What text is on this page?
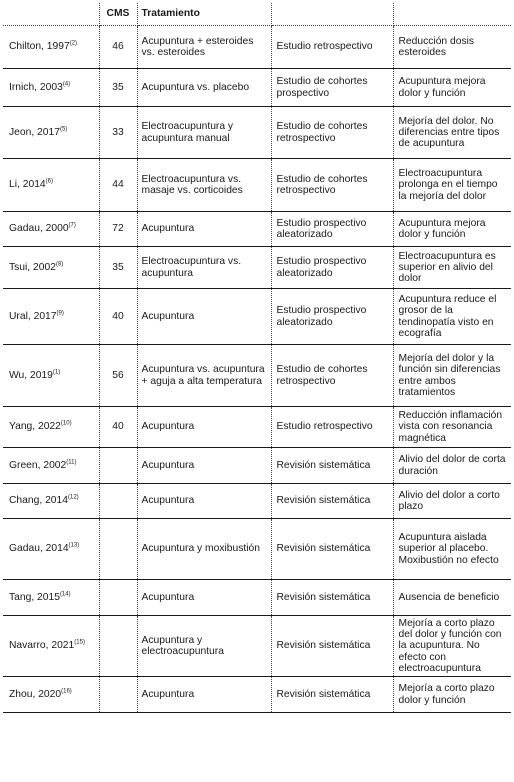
	CMS	Tratamiento		
Chilton, 1997$^{(2)}$	46	Acupuntura + esteroides vs. esteroides	Estudio retrospectivo	Reducción dosis esteroides
Irnich, 2003$^{(4)}$	35	Acupuntura vs. placebo	Estudio de cohortes prospectivo	Acupuntura mejora dolor y función
Jeon, 2017$^{(5)}$	33	Electroacupuntura y acupuntura manual	Estudio de cohortes retrospectivo	Mejoría del dolor. No diferencias entre tipos de acupuntura
Li, 2014$^{(6)}$	44	Electroacupuntura vs. masaje vs. corticoides	Estudio de cohortes retrospectivo	Electroacupuntura prolonga en el tiempo la mejoría del dolor
Gadau, 2000$^{(7)}$	72	Acupuntura	Estudio prospectivo aleatorizado	Acupuntura mejora dolor y función
Tsui, 2002$^{(8)}$	35	Electroacupuntura vs. acupuntura	Estudio prospectivo aleatorizado	Electroacupuntura es superior en alivio del dolor
Ural, 2017$^{(9)}$	40	Acupuntura	Estudio prospectivo aleatorizado	Acupuntura reduce el grosor de la tendinopatía visto en ecografía
Wu, 2019$^{(1)}$	56	Acupuntura vs. acupuntura + aguja a alta temperatura	Estudio de cohortes retrospectivo	Mejoría del dolor y la función sin diferencias entre ambos tratamientos
Yang, 2022$^{(10)}$	40	Acupuntura	Estudio retrospectivo	Reducción inflamación vista con resonancia magnética
Green, 2002$^{(11)}$		Acupuntura	Revisión sistemática	Alivio del dolor de corta duración
Chang, 2014$^{(12)}$		Acupuntura	Revisión sistemática	Alivio del dolor a corto plazo
Gadau, 2014$^{(13)}$		Acupuntura y moxibustión	Revisión sistemática	Acupuntura aislada superior al placebo. Moxibustión no efecto
Tang, 2015$^{(14)}$		Acupuntura	Revisión sistemática	Ausencia de beneficio
Navarro, 2021$^{(15)}$		Acupuntura y electroacupuntura	Revisión sistemática	Mejoría a corto plazo del dolor y función con la acupuntura. No efecto con electroacupuntura
Zhou, 2020$^{(16)}$		Acupuntura	Revisión sistemática	Mejoría a corto plazo dolor y función
